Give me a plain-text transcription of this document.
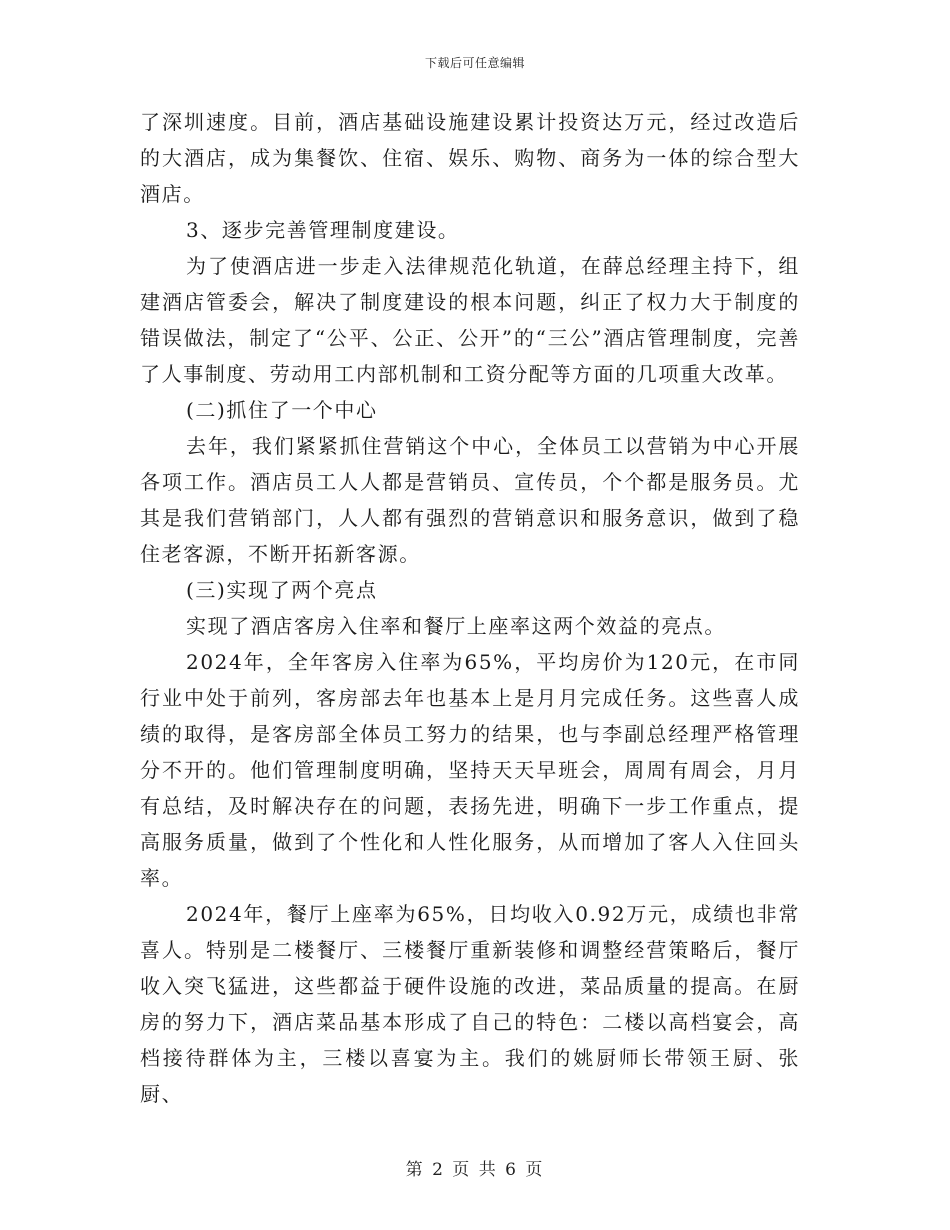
下载后可任意编辑

了深圳速度。目前，酒店基础设施建设累计投资达万元，经过改造后的大酒店，成为集餐饮、住宿、娱乐、购物、商务为一体的综合型大酒店。

3、逐步完善管理制度建设。

为了使酒店进一步走入法律规范化轨道，在薛总经理主持下，组建酒店管委会，解决了制度建设的根本问题，纠正了权力大于制度的错误做法，制定了“公平、公正、公开”的“三公”酒店管理制度，完善了人事制度、劳动用工内部机制和工资分配等方面的几项重大改革。

(二)抓住了一个中心

去年，我们紧紧抓住营销这个中心，全体员工以营销为中心开展各项工作。酒店员工人人都是营销员、宣传员，个个都是服务员。尤其是我们营销部门，人人都有强烈的营销意识和服务意识，做到了稳住老客源，不断开拓新客源。

(三)实现了两个亮点

实现了酒店客房入住率和餐厅上座率这两个效益的亮点。

2024年，全年客房入住率为65%，平均房价为120元，在市同行业中处于前列，客房部去年也基本上是月月完成任务。这些喜人成绩的取得，是客房部全体员工努力的结果，也与李副总经理严格管理分不开的。他们管理制度明确，坚持天天早班会，周周有周会，月月有总结，及时解决存在的问题，表扬先进，明确下一步工作重点，提高服务质量，做到了个性化和人性化服务，从而增加了客人入住回头率。

2024年，餐厅上座率为65%，日均收入0.92万元，成绩也非常喜人。特别是二楼餐厅、三楼餐厅重新装修和调整经营策略后，餐厅收入突飞猛进，这些都益于硬件设施的改进，菜品质量的提高。在厨房的努力下，酒店菜品基本形成了自己的特色：二楼以高档宴会，高档接待群体为主，三楼以喜宴为主。我们的姚厨师长带领王厨、张厨、

第 2 页 共 6 页
